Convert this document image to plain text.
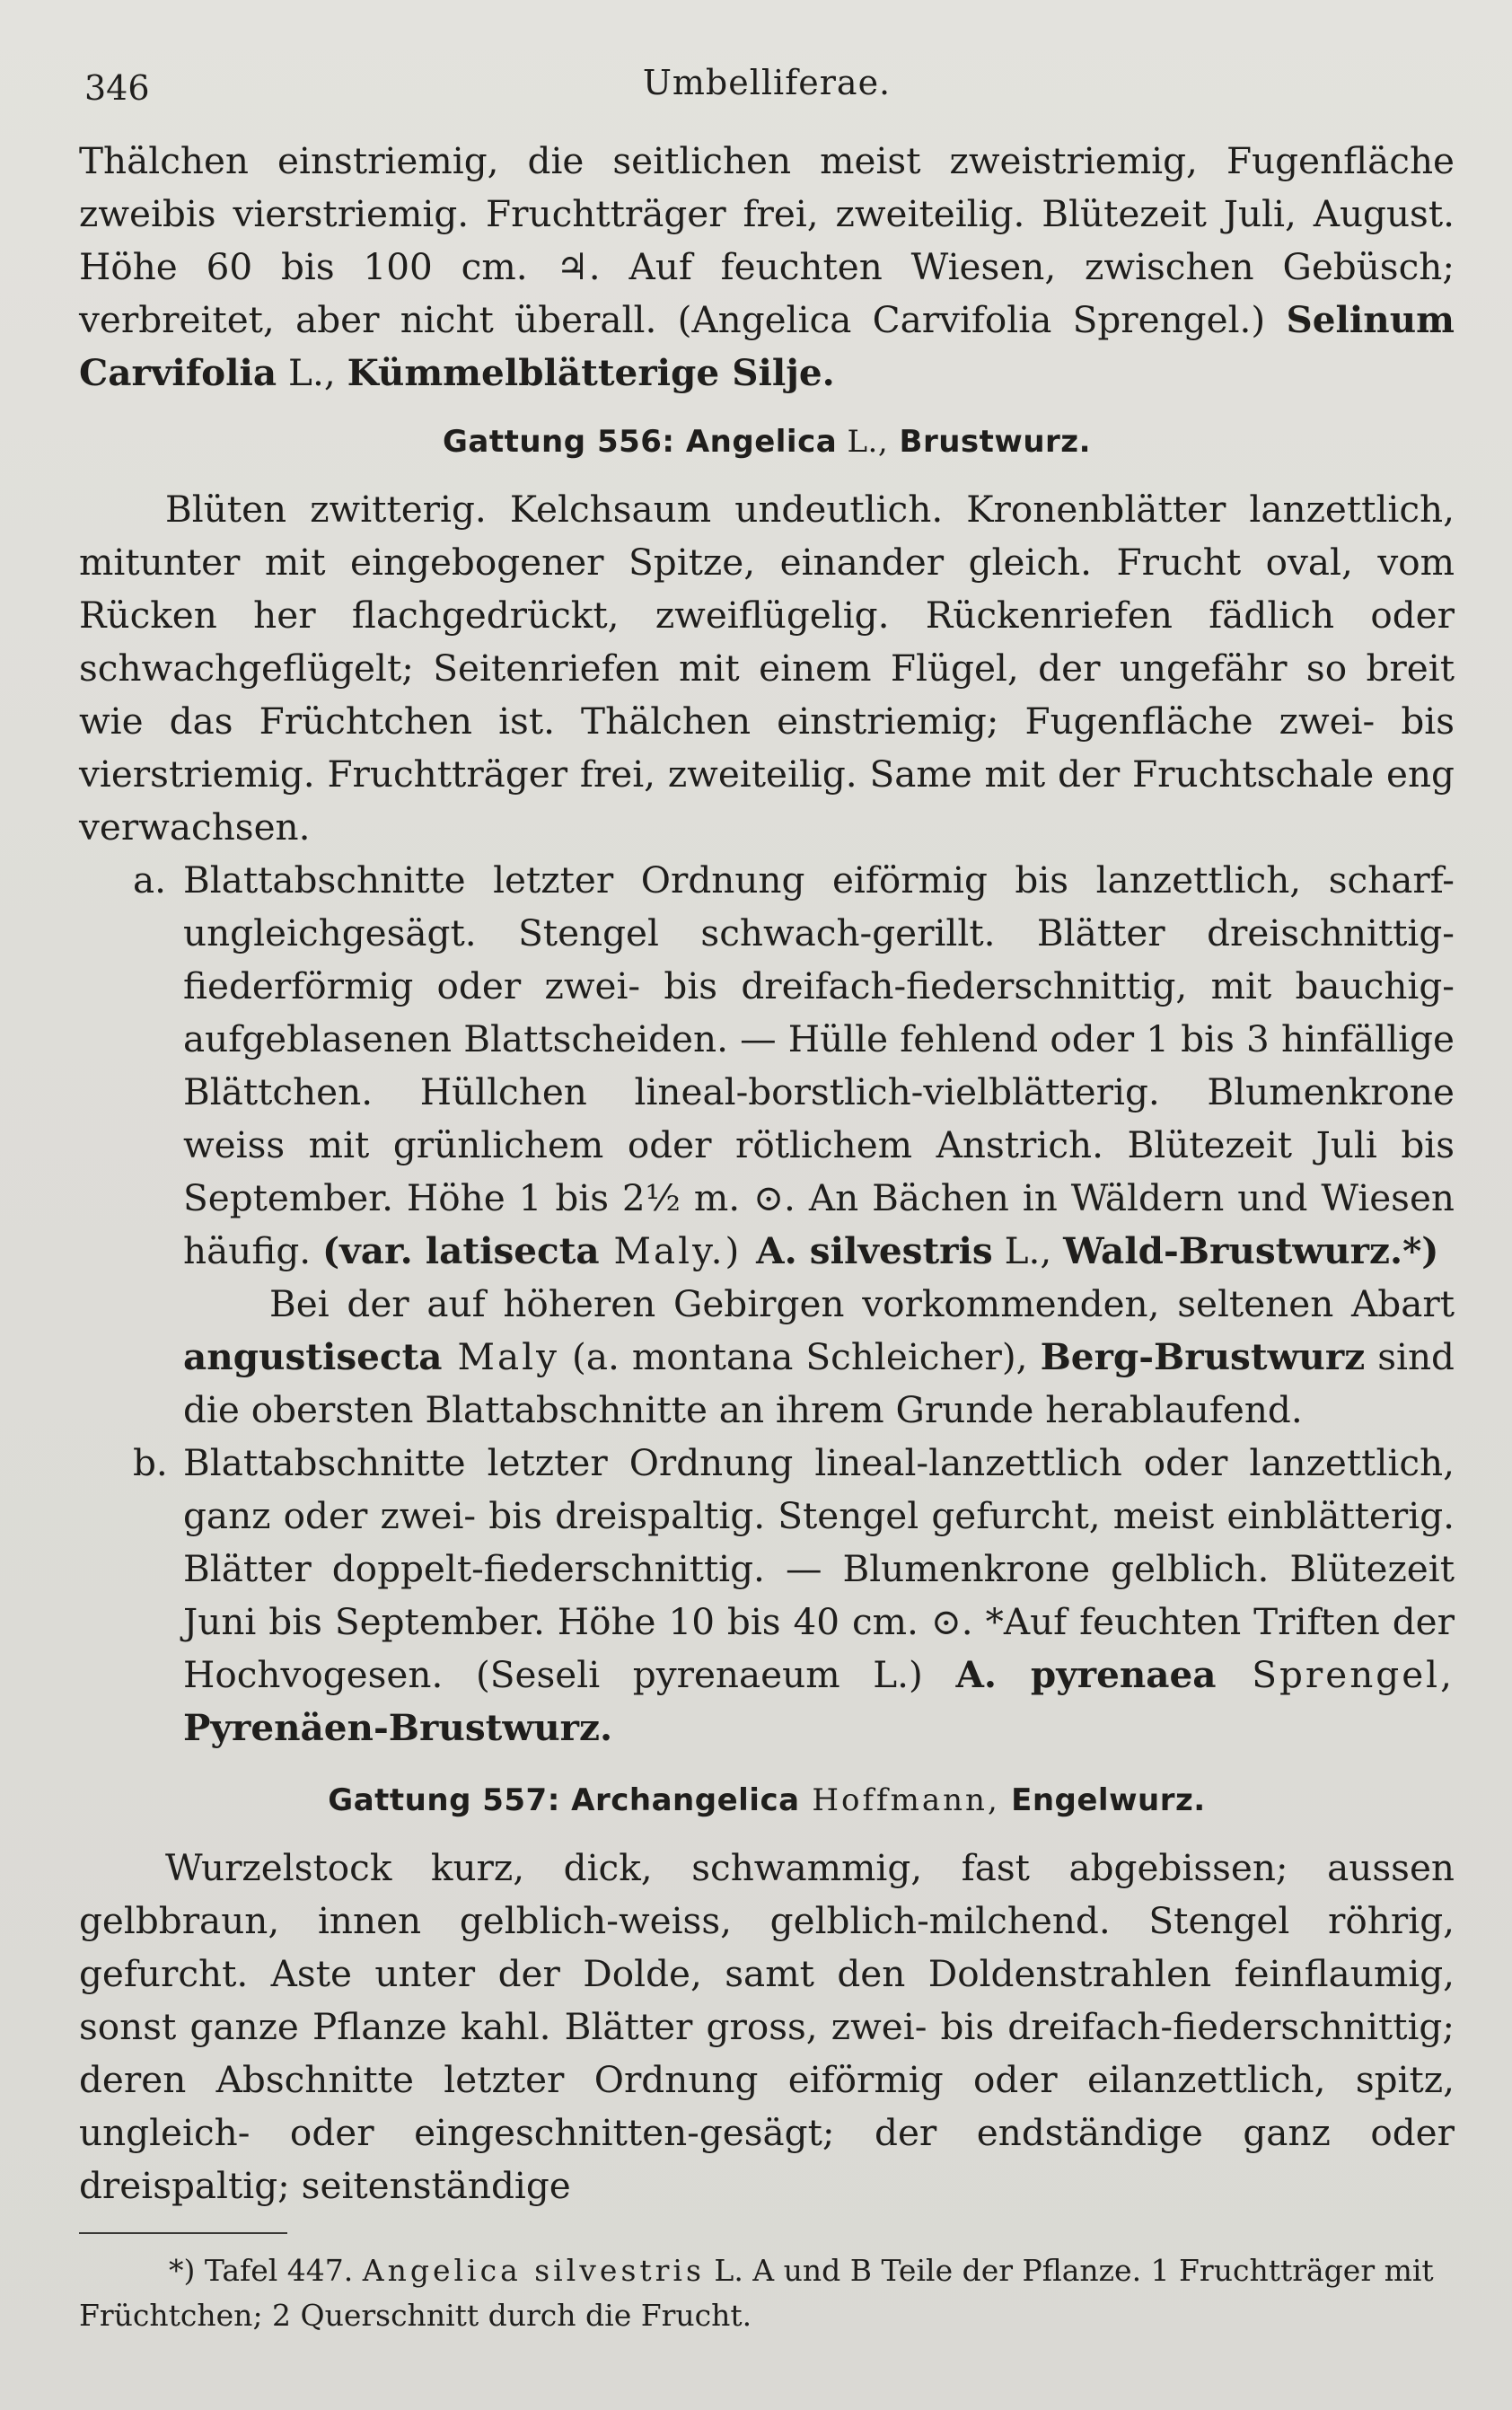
346	Umbelliferae.

Thälchen einstriemig, die seitlichen meist zweistriemig, Fugenfläche zweibis vierstriemig. Fruchtträger frei, zweiteilig. Blütezeit Juli, August. Höhe 60 bis 100 cm. ♃. Auf feuchten Wiesen, zwischen Gebüsch; verbreitet, aber nicht überall. (Angelica Carvifolia Sprengel.) Selinum Carvifolia L., Kümmelblätterige Silje.

Gattung 556: Angelica L., Brustwurz.

Blüten zwitterig. Kelchsaum undeutlich. Kronenblätter lanzettlich, mitunter mit eingebogener Spitze, einander gleich. Frucht oval, vom Rücken her flachgedrückt, zweiflügelig. Rückenriefen fädlich oder schwachgeflügelt; Seitenriefen mit einem Flügel, der ungefähr so breit wie das Früchtchen ist. Thälchen einstriemig; Fugenfläche zwei- bis vierstriemig. Fruchtträger frei, zweiteilig. Same mit der Fruchtschale eng verwachsen.

a. Blattabschnitte letzter Ordnung eiförmig bis lanzettlich, scharf-ungleichgesägt. Stengel schwach-gerillt. Blätter dreischnittig-fiederförmig oder zwei- bis dreifach-fiederschnittig, mit bauchig-aufgeblasenen Blattscheiden. — Hülle fehlend oder 1 bis 3 hinfällige Blättchen. Hüllchen lineal-borstlich-vielblätterig. Blumenkrone weiss mit grünlichem oder rötlichem Anstrich. Blütezeit Juli bis September. Höhe 1 bis 2½ m. ⊙. An Bächen in Wäldern und Wiesen häufig. (var. latisecta Maly.) A. silvestris L., Wald-Brustwurz.*)

Bei der auf höheren Gebirgen vorkommenden, seltenen Abart angustisecta Maly (a. montana Schleicher), Berg-Brustwurz sind die obersten Blattabschnitte an ihrem Grunde herablaufend.

b. Blattabschnitte letzter Ordnung lineal-lanzettlich oder lanzettlich, ganz oder zwei- bis dreispaltig. Stengel gefurcht, meist einblätterig. Blätter doppelt-fiederschnittig. — Blumenkrone gelblich. Blütezeit Juni bis September. Höhe 10 bis 40 cm. ⊙. *Auf feuchten Triften der Hochvogesen. (Seseli pyrenaeum L.) A. pyrenaea Sprengel, Pyrenäen-Brustwurz.

Gattung 557: Archangelica Hoffmann, Engelwurz.

Wurzelstock kurz, dick, schwammig, fast abgebissen; aussen gelbbraun, innen gelblich-weiss, gelblich-milchend. Stengel röhrig, gefurcht. Aste unter der Dolde, samt den Doldenstrahlen feinflaumig, sonst ganze Pflanze kahl. Blätter gross, zwei- bis dreifach-fiederschnittig; deren Abschnitte letzter Ordnung eiförmig oder eilanzettlich, spitz, ungleich- oder eingeschnitten-gesägt; der endständige ganz oder dreispaltig; seitenständige

*) Tafel 447. Angelica silvestris L. A und B Teile der Pflanze. 1 Fruchtträger mit Früchtchen; 2 Querschnitt durch die Frucht.
